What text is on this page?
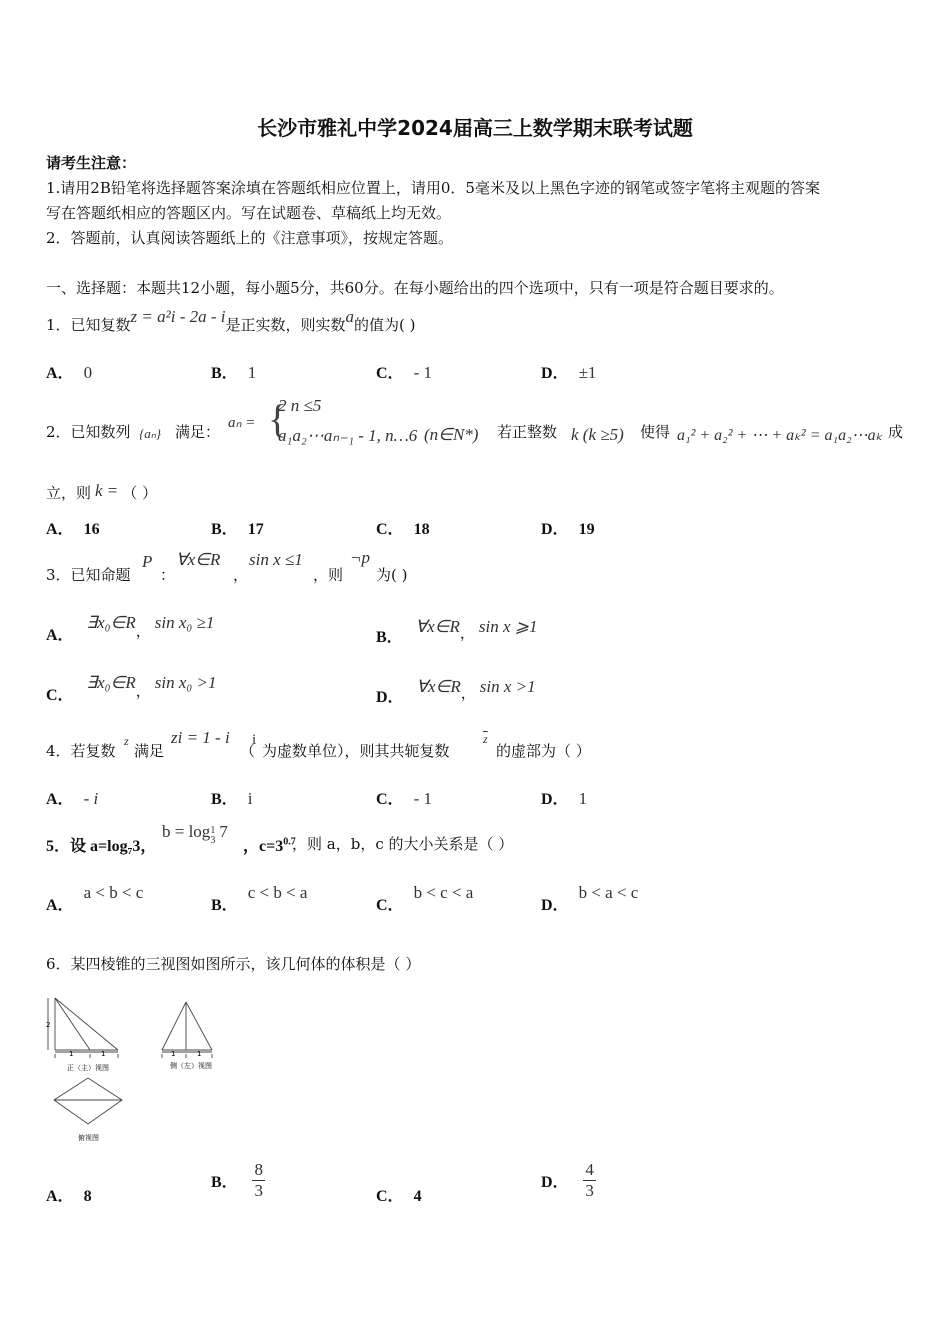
长沙市雅礼中学2024届高三上数学期末联考试题
请考生注意：
1.请用2B铅笔将选择题答案涂填在答题纸相应位置上，请用0．5毫米及以上黑色字迹的钢笔或签字笔将主观题的答案
写在答题纸相应的答题区内。写在试题卷、草稿纸上均无效。
2．答题前，认真阅读答题纸上的《注意事项》，按规定答题。
一、选择题：本题共12小题，每小题5分，共60分。在每小题给出的四个选项中，只有一项是符合题目要求的。
1．已知复数z = a²i - 2a - i是正实数，则实数a的值为( )
A． 0	B． 1	C． - 1	D． ±1
2．已知数列 {aₙ} 满足： aₙ = {
2 n ≤5
a₁a₂⋯aₙ₋₁ - 1, n…6 (n∈N*) 若正整数 k (k ≥5) 使得 a₁² + a₂² + ⋯ + aₖ² = a₁a₂⋯aₖ 成
立，则 k = （ ）
A． 16	B． 17	C． 18	D． 19
3．已知命题
P
：
∀x∈R
，
sin x ≤1
，则
¬p
为( )
A． ∃x₀∈R， sin x₀ ≥1
B． ∀x∈R， sin x ⩾1
C． ∃x₀∈R， sin x₀ >1
D． ∀x∈R， sin x >1
4．若复数
z
满足
zi = 1 - i
（
i
为虚数单位），则其共轭复数
$\overline{z}$
的虚部为（ ）
A． - i	B． i	C． - 1	D． 1
5．设 a=log₇3，
b = log 1
3 7
，$c=3^{0.7}$
，则 a，b，c 的大小关系是（ ）
A．a < b < c
B．c < b < a
C．b < c < a
D．b < a < c
6．某四棱锥的三视图如图所示，该几何体的体积是（ ）
2
1	1
正（主）视图
1	1
侧（左）视图
俯视图
A． 8
B． $\frac{8}{3}$	C． 4
D． $\frac{4}{3}$
